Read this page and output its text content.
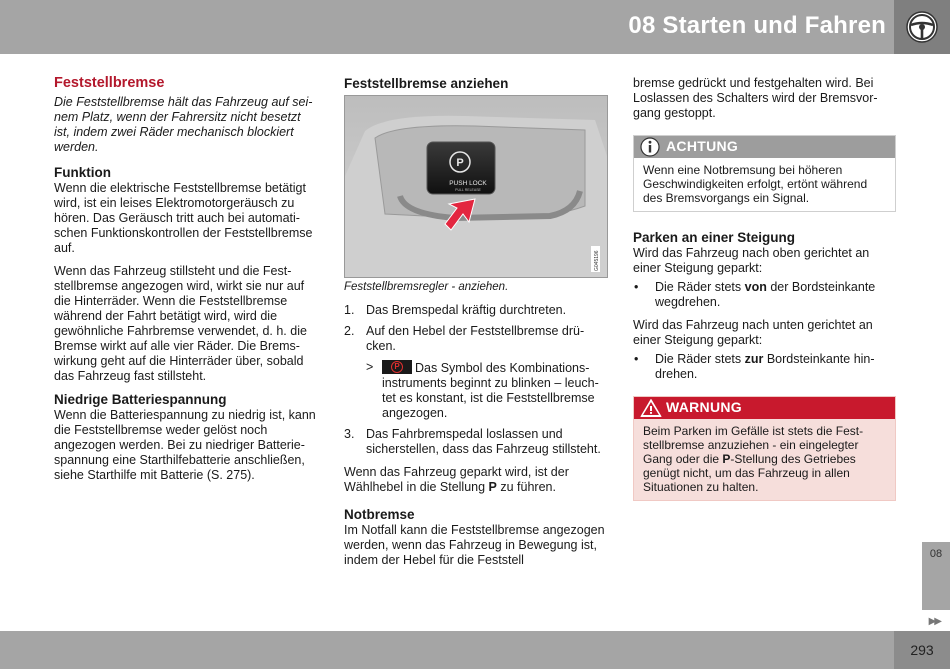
08 Starten und Fahren
Feststellbremse

Die Feststellbremse hält das Fahrzeug auf seinem Platz, wenn der Fahrersitz nicht besetzt ist, indem zwei Räder mechanisch blockiert werden.

Funktion

Wenn die elektrische Feststellbremse betätigt wird, ist ein leises Elektromotorgeräusch zu hören. Das Geräusch tritt auch bei automatischen Funktionskontrollen der Feststellbremse auf.

Wenn das Fahrzeug stillsteht und die Feststellbremse angezogen wird, wirkt sie nur auf die Hinterräder. Wenn die Feststellbremse während der Fahrt betätigt wird, wird die gewöhnliche Fahrbremse verwendet, d. h. die Bremse wirkt auf alle vier Räder. Die Bremswirkung geht auf die Hinterräder über, sobald das Fahrzeug fast stillsteht.

Niedrige Batteriespannung

Wenn die Batteriespannung zu niedrig ist, kann die Feststellbremse weder gelöst noch angezogen werden. Bei zu niedriger Batteriespannung eine Starthilfebatterie anschließen, siehe Starthilfe mit Batterie (S. 275).

Feststellbremse anziehen
P
PUSH LOCK
PULL RELEASE
G045196
Feststellbremsregler - anziehen.
1. Das Bremspedal kräftig durchtreten.
2. Auf den Hebel der Feststellbremse drücken.
>	P Das Symbol des Kombinationsinstruments beginnt zu blinken – leuchtet es konstant, ist die Feststellbremse angezogen.
3. Das Fahrbremspedal loslassen und sicherstellen, dass das Fahrzeug stillsteht.

Wenn das Fahrzeug geparkt wird, ist der Wählhebel in die Stellung P zu führen.

Notbremse

Im Notfall kann die Feststellbremse angezogen werden, wenn das Fahrzeug in Bewegung ist, indem der Hebel für die Feststell

bremse gedrückt und festgehalten wird. Bei Loslassen des Schalters wird der Bremsvorgang gestoppt.

ACHTUNG
Wenn eine Notbremsung bei höheren Geschwindigkeiten erfolgt, ertönt während des Bremsvorgangs ein Signal.
Parken an einer Steigung

Wird das Fahrzeug nach oben gerichtet an einer Steigung geparkt:

• Die Räder stets von der Bordsteinkante wegdrehen.

Wird das Fahrzeug nach unten gerichtet an einer Steigung geparkt:

• Die Räder stets zur Bordsteinkante hindrehen.
WARNUNG
Beim Parken im Gefälle ist stets die Feststellbremse anzuziehen - ein eingelegter Gang oder die P-Stellung des Getriebes genügt nicht, um das Fahrzeug in allen Situationen zu halten.
08
▶▶
293
